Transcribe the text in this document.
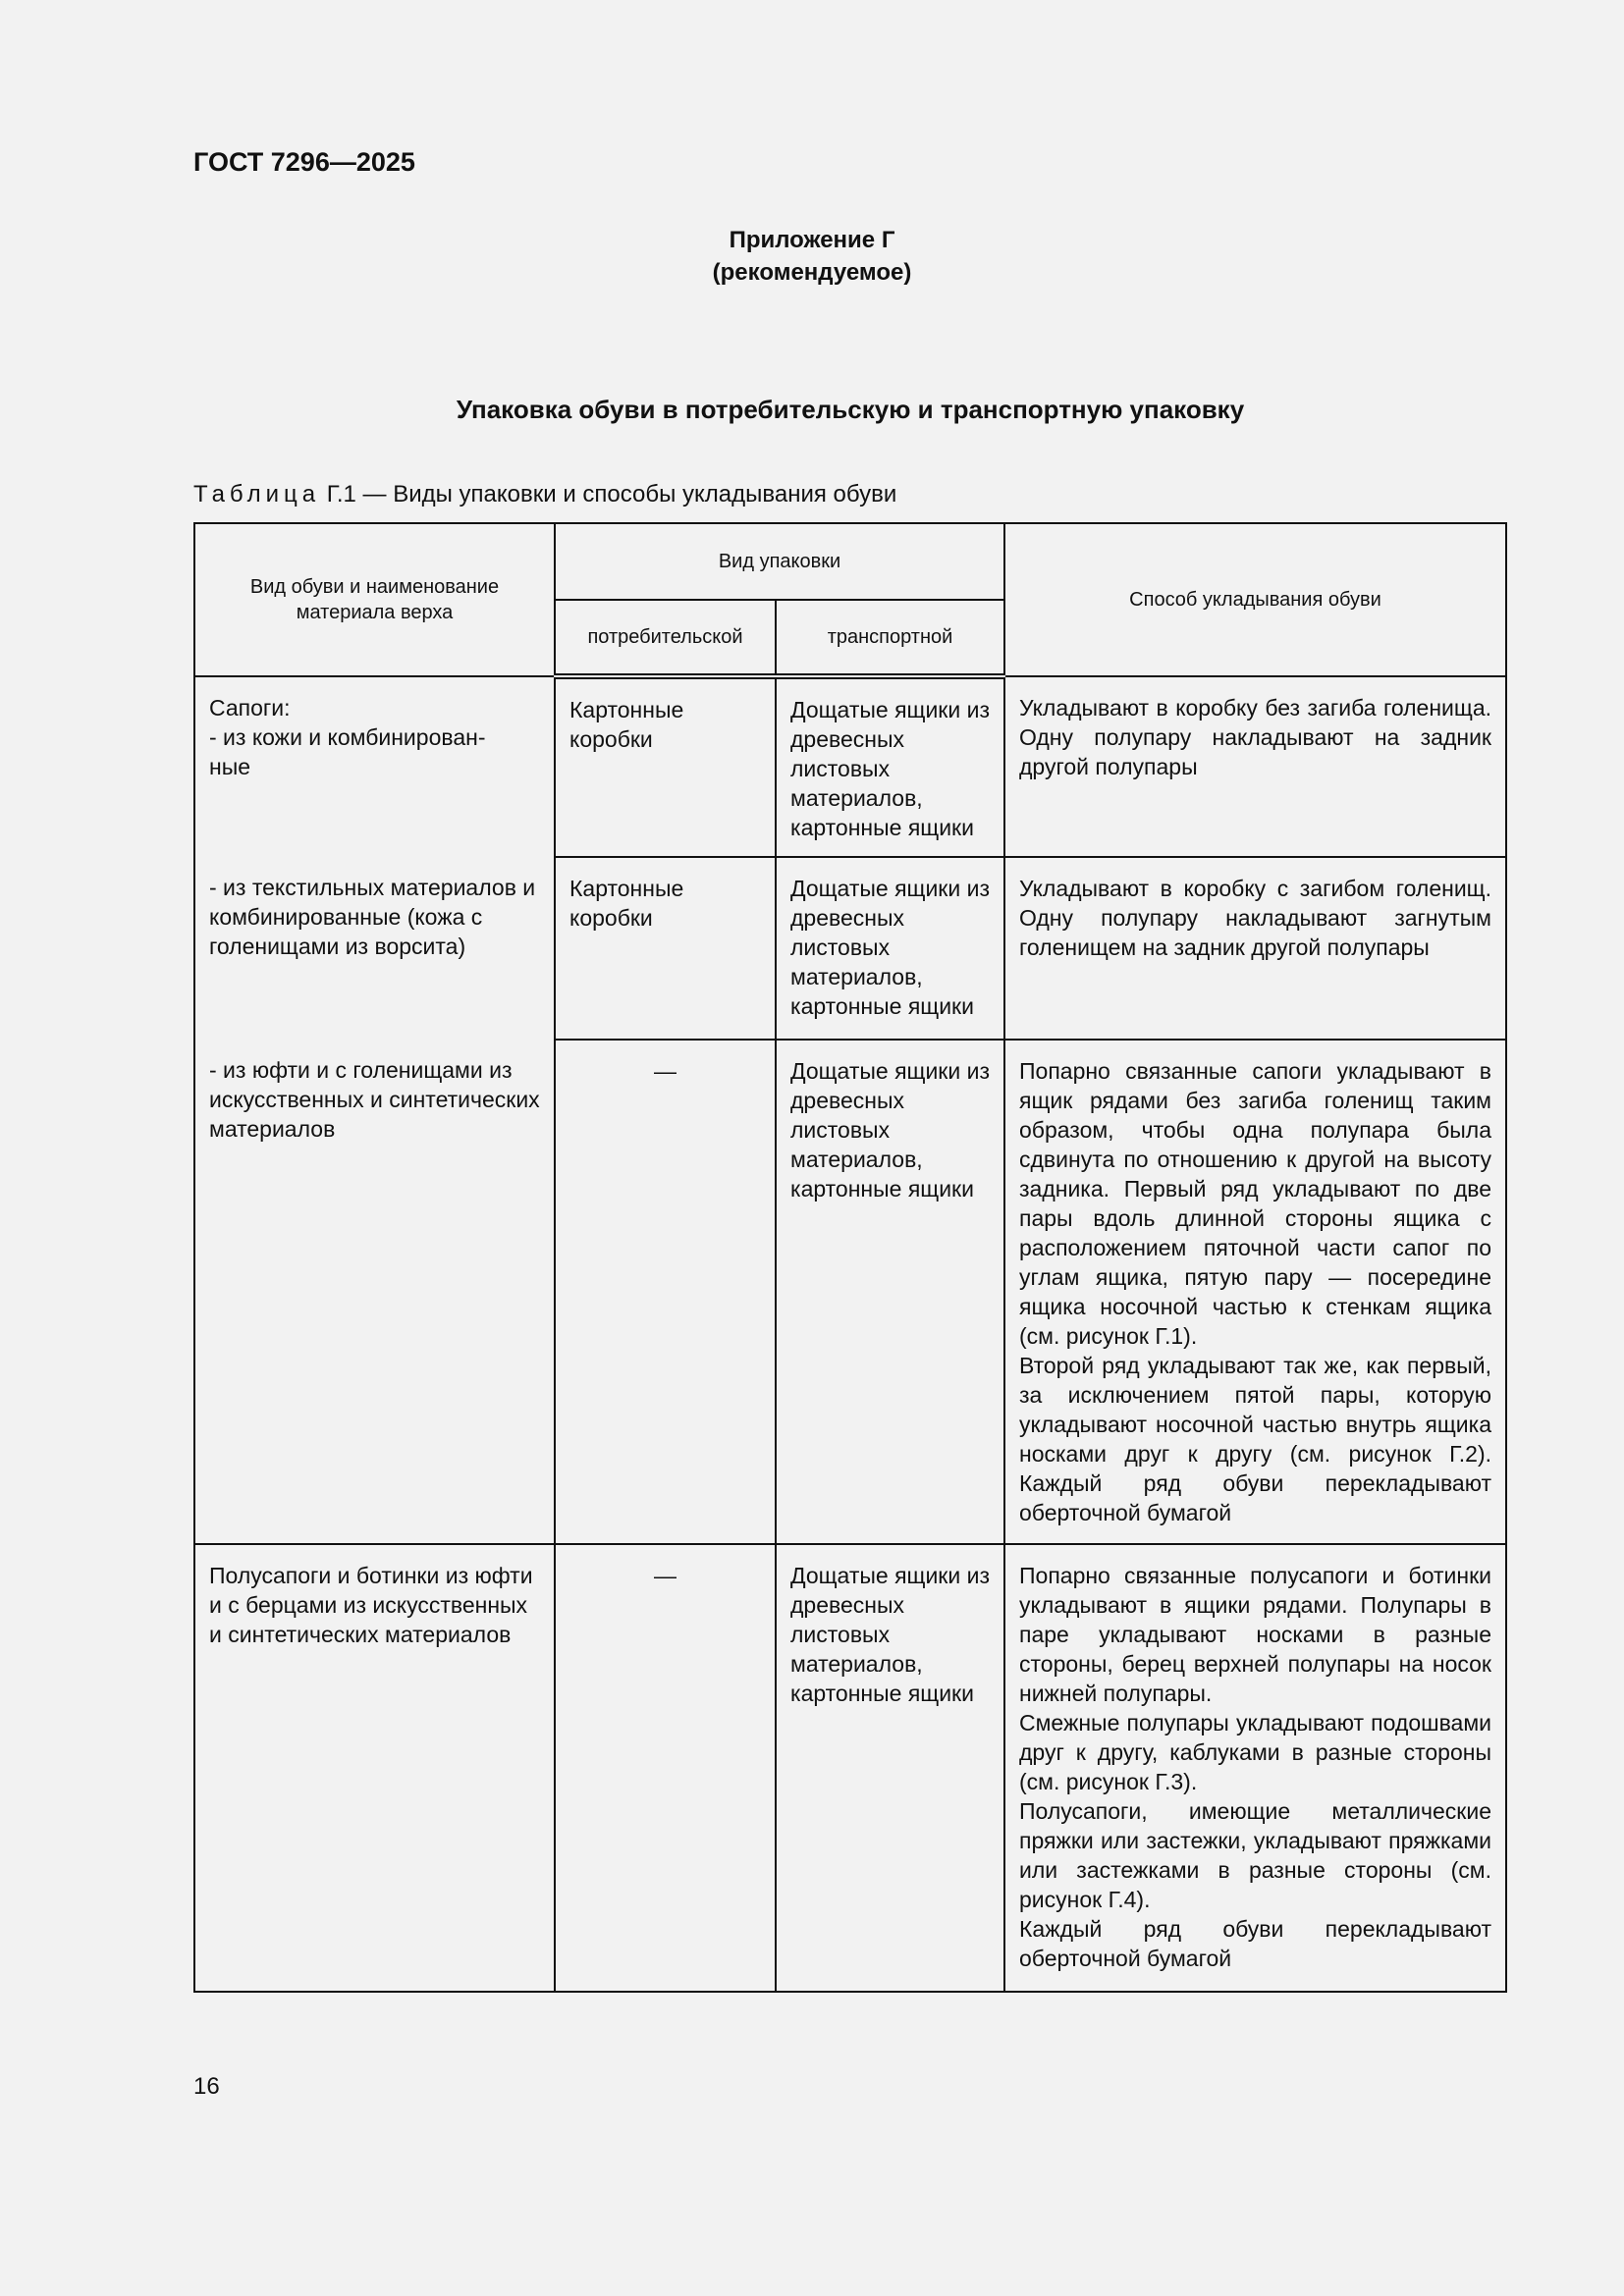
ГОСТ 7296—2025
Приложение Г
(рекомендуемое)
Упаковка обуви в потребительскую и транспортную упаковку
Таблица Г.1 — Виды упаковки и способы укладывания обуви
Вид обуви и наименование материала верха	Вид упаковки		Способ укладывания обуви
	потребительской	транспортной	

Сапоги:
- из кожи и комбинирован-
ные	Картонные коробки	Дощатые ящики из древесных листовых материалов, картонные ящики	Укладывают в коробку без загиба голенища. Одну полупару накладывают на задник другой полупары

- из текстильных материалов и комбинированные (кожа с голенищами из ворсита)	Картонные коробки	Дощатые ящики из древесных листовых материалов, картонные ящики	Укладывают в коробку с загибом голенищ. Одну полупару накладывают загнутым голенищем на задник другой полупары

- из юфти и с голенищами из искусственных и синтетических материалов	—	Дощатые ящики из древесных листовых материалов, картонные ящики	Попарно связанные сапоги укладывают в ящик рядами без загиба голенищ таким образом, чтобы одна полупара была сдвинута по отношению к другой на высоту задника. Первый ряд укладывают по две пары вдоль длинной стороны ящика с расположением пяточной части сапог по углам ящика, пятую пару — посередине ящика носочной частью к стенкам ящика (см. рисунок Г.1).
Второй ряд укладывают так же, как первый, за исключением пятой пары, которую укладывают носочной частью внутрь ящика носками друг к другу (см. рисунок Г.2). Каждый ряд обуви перекладывают оберточной бумагой

Полусапоги и ботинки из юфти и с берцами из искусственных и синтетических материалов	—	Дощатые ящики из древесных листовых материалов, картонные ящики	Попарно связанные полусапоги и ботинки укладывают в ящики рядами. Полупары в паре укладывают носками в разные стороны, берец верхней полупары на носок нижней полупары.
Смежные полупары укладывают подошвами друг к другу, каблуками в разные стороны (см. рисунок Г.3).
Полусапоги, имеющие металлические пряжки или застежки, укладывают пряжками или застежками в разные стороны (см. рисунок Г.4).
Каждый ряд обуви перекладывают оберточной бумагой
16
